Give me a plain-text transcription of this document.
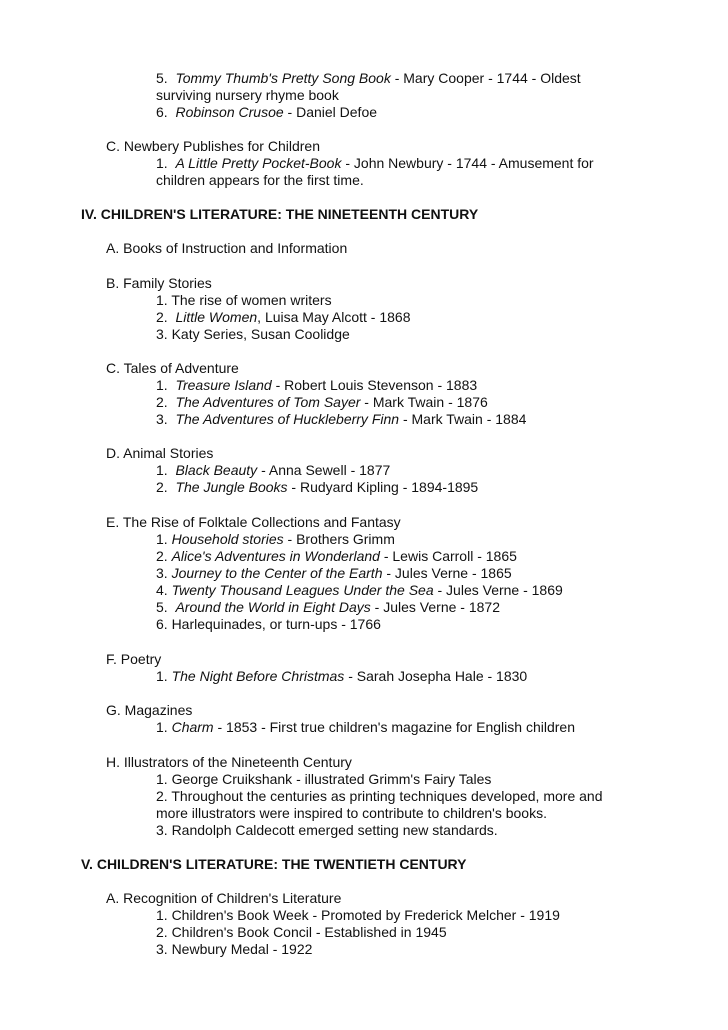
5. Tommy Thumb's Pretty Song Book - Mary Cooper - 1744 - Oldest
surviving nursery rhyme book
6. Robinson Crusoe - Daniel Defoe
C. Newbery Publishes for Children
1. A Little Pretty Pocket-Book - John Newbury - 1744 - Amusement for
children appears for the first time.
IV. CHILDREN'S LITERATURE: THE NINETEENTH CENTURY
A. Books of Instruction and Information
B. Family Stories
1. The rise of women writers
2. Little Women, Luisa May Alcott - 1868
3. Katy Series, Susan Coolidge
C. Tales of Adventure
1. Treasure Island - Robert Louis Stevenson - 1883
2. The Adventures of Tom Sayer - Mark Twain - 1876
3. The Adventures of Huckleberry Finn - Mark Twain - 1884
D. Animal Stories
1. Black Beauty - Anna Sewell - 1877
2. The Jungle Books - Rudyard Kipling - 1894-1895
E. The Rise of Folktale Collections and Fantasy
1. Household stories - Brothers Grimm
2. Alice's Adventures in Wonderland - Lewis Carroll - 1865
3. Journey to the Center of the Earth - Jules Verne - 1865
4. Twenty Thousand Leagues Under the Sea - Jules Verne - 1869
5. Around the World in Eight Days - Jules Verne - 1872
6. Harlequinades, or turn-ups - 1766
F. Poetry
1. The Night Before Christmas - Sarah Josepha Hale - 1830
G. Magazines
1. Charm - 1853 - First true children's magazine for English children
H. Illustrators of the Nineteenth Century
1. George Cruikshank - illustrated Grimm's Fairy Tales
2. Throughout the centuries as printing techniques developed, more and
more illustrators were inspired to contribute to children's books.
3. Randolph Caldecott emerged setting new standards.
V. CHILDREN'S LITERATURE: THE TWENTIETH CENTURY
A. Recognition of Children's Literature
1. Children's Book Week - Promoted by Frederick Melcher - 1919
2. Children's Book Concil - Established in 1945
3. Newbury Medal - 1922
